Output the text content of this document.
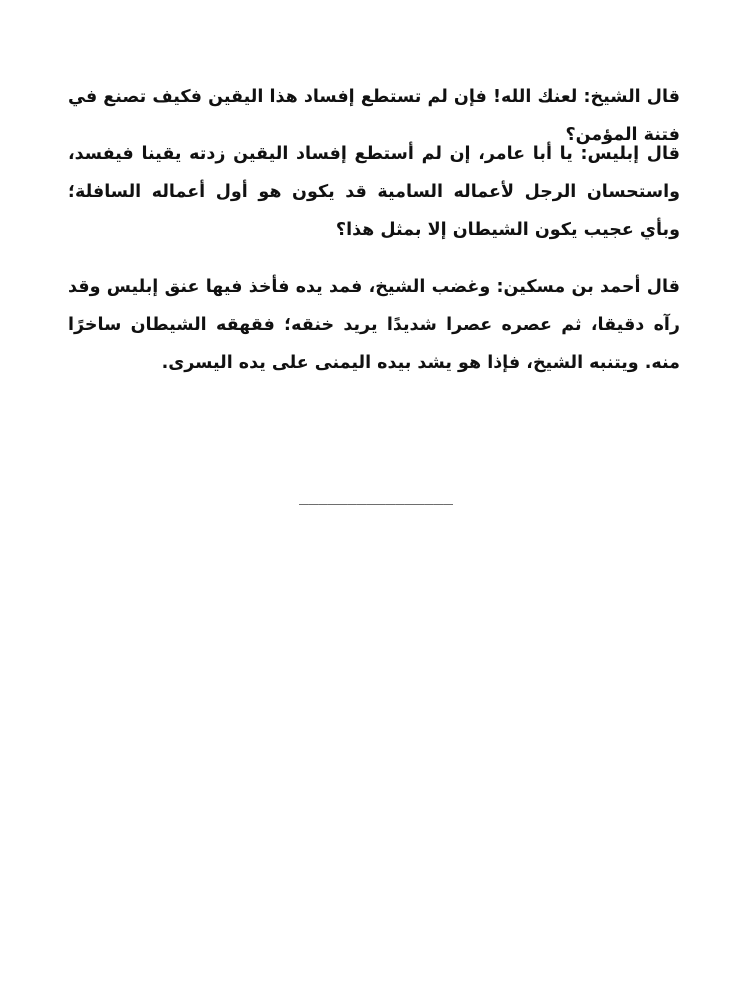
قال الشيخ: لعنك الله! فإن لم تستطع إفساد هذا اليقين فكيف تصنع في فتنة المؤمن؟

قال إبليس: يا أبا عامر، إن لم أستطع إفساد اليقين زدته يقينا فيفسد، واستحسان الرجل لأعماله السامية قد يكون هو أول أعماله السافلة؛ وبأي عجيب يكون الشيطان إلا بمثل هذا؟

قال أحمد بن مسكين: وغضب الشيخ، فمد يده فأخذ فيها عنق إبليس وقد رآه دقيقا، ثم عصره عصرا شديدًا يريد خنقه؛ فقهقه الشيطان ساخرًا منه. ويتنبه الشيخ، فإذا هو يشد بيده اليمنى على يده اليسرى.

________________
